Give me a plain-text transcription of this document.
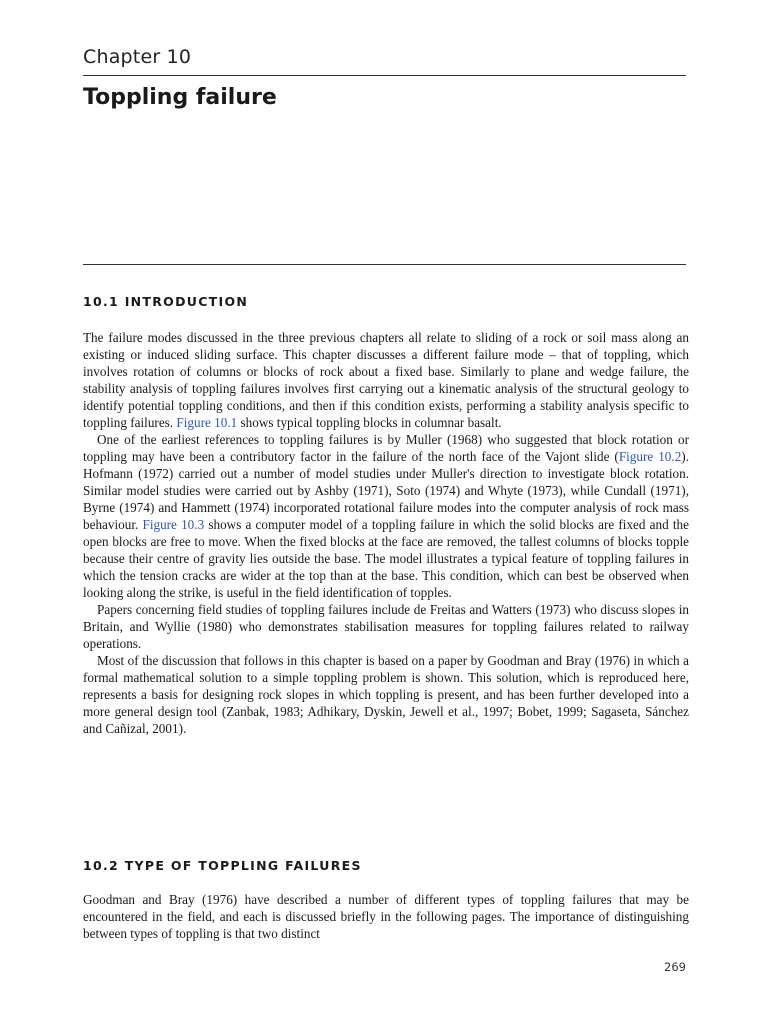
Chapter 10
Toppling failure
10.1 INTRODUCTION

The failure modes discussed in the three previous chapters all relate to sliding of a rock or soil mass along an existing or induced sliding surface. This chapter discusses a different failure mode – that of toppling, which involves rotation of columns or blocks of rock about a fixed base. Similarly to plane and wedge failure, the stability analysis of toppling failures involves first carrying out a kinematic analysis of the structural geology to identify potential toppling conditions, and then if this condition exists, performing a stability analysis specific to toppling failures. Figure 10.1 shows typical toppling blocks in columnar basalt.

One of the earliest references to toppling failures is by Muller (1968) who suggested that block rotation or toppling may have been a contributory factor in the failure of the north face of the Vajont slide (Figure 10.2). Hofmann (1972) carried out a number of model studies under Muller's direction to investigate block rotation. Similar model studies were carried out by Ashby (1971), Soto (1974) and Whyte (1973), while Cundall (1971), Byrne (1974) and Hammett (1974) incorporated rotational failure modes into the computer analysis of rock mass behaviour. Figure 10.3 shows a computer model of a toppling failure in which the solid blocks are fixed and the open blocks are free to move. When the fixed blocks at the face are removed, the tallest columns of blocks topple because their centre of gravity lies outside the base. The model illustrates a typical feature of toppling failures in which the tension cracks are wider at the top than at the base. This condition, which can best be observed when looking along the strike, is useful in the field identification of topples.

Papers concerning field studies of toppling failures include de Freitas and Watters (1973) who discuss slopes in Britain, and Wyllie (1980) who demonstrates stabilisation measures for toppling failures related to railway operations.

Most of the discussion that follows in this chapter is based on a paper by Goodman and Bray (1976) in which a formal mathematical solution to a simple toppling problem is shown. This solution, which is reproduced here, represents a basis for designing rock slopes in which toppling is present, and has been further developed into a more general design tool (Zanbak, 1983; Adhikary, Dyskin, Jewell et al., 1997; Bobet, 1999; Sagaseta, Sánchez and Cañizal, 2001).

10.2 TYPE OF TOPPLING FAILURES

Goodman and Bray (1976) have described a number of different types of toppling failures that may be encountered in the field, and each is discussed briefly in the following pages. The importance of distinguishing between types of toppling is that two distinct

269
